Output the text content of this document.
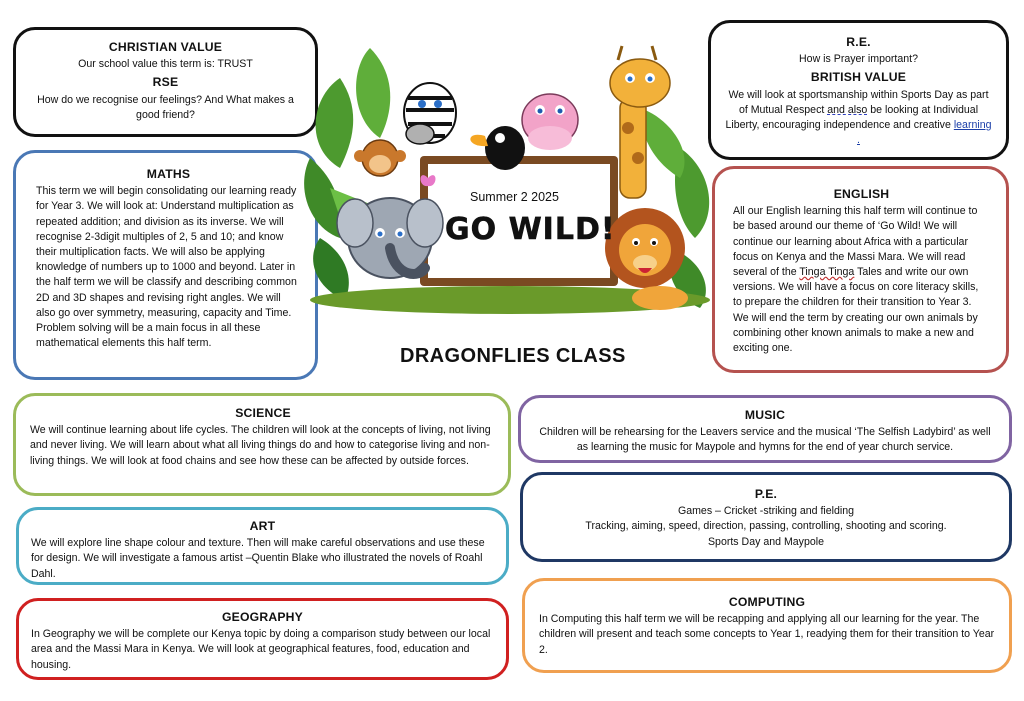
CHRISTIAN VALUE

Our school value this term is: TRUST

RSE

How do we recognise our feelings? And What makes a good friend?

R.E.

How is Prayer important?

BRITISH VALUE

We will look at sportsmanship within Sports Day as part of Mutual Respect and also be looking at Individual Liberty, encouraging independence and creative learning .

MATHS

This term we will begin consolidating our learning ready for Year 3. We will look at: Understand multiplication as repeated addition; and division as its inverse. We will recognise 2-3digit multiples of 2, 5 and 10; and know their multiplication facts. We will also be applying knowledge of numbers up to 1000 and beyond. Later in the half term we will be classify and describing common 2D and 3D shapes and revising right angles. We will also go over symmetry, measuring, capacity and Time. Problem solving will be a main focus in all these mathematical elements this half term.

ENGLISH

All our English learning this half term will continue to be based around our theme of ‘Go Wild! We will continue our learning about Africa with a particular focus on Kenya and the Massi Mara. We will read several of the Tinga Tinga Tales and write our own versions. We will have a focus on core literacy skills, to prepare the children for their transition to Year 3. We will end the term by creating our own animals by combining other known animals to make a new and exciting one.

Summer 2 2025
GO WILD!
DRAGONFLIES CLASS
SCIENCE

We will continue learning about life cycles. The children will look at the concepts of living, not living and never living. We will learn about what all living things do and how to categorise living and non-living things. We will look at food chains and see how these can be affected by outside forces.

MUSIC

Children will be rehearsing for the Leavers service and the musical ‘The Selfish Ladybird’ as well as learning the music for Maypole and hymns for the end of year church service.

ART

We will explore line shape colour and texture. Then will make careful observations and use these for design. We will investigate a famous artist –Quentin Blake who illustrated the novels of Roahl Dahl.

P.E.

Games – Cricket -striking and fielding

Tracking, aiming, speed, direction, passing, controlling, shooting and scoring.

Sports Day and Maypole

GEOGRAPHY

In Geography we will be complete our Kenya topic by doing a comparison study between our local area and the Massi Mara in Kenya. We will look at geographical features, food, education and housing.

COMPUTING

In Computing this half term we will be recapping and applying all our learning for the year. The children will present and teach some concepts to Year 1, readying them for their transition to Year 2.
